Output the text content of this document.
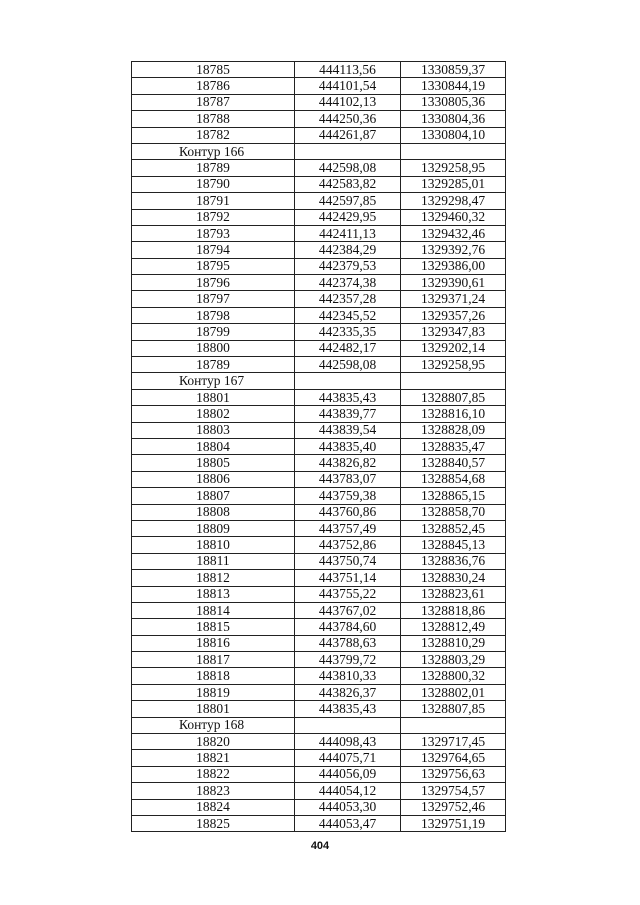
18785	444113,56	1330859,37
18786	444101,54	1330844,19
18787	444102,13	1330805,36
18788	444250,36	1330804,36
18782	444261,87	1330804,10
Контур 166		
18789	442598,08	1329258,95
18790	442583,82	1329285,01
18791	442597,85	1329298,47
18792	442429,95	1329460,32
18793	442411,13	1329432,46
18794	442384,29	1329392,76
18795	442379,53	1329386,00
18796	442374,38	1329390,61
18797	442357,28	1329371,24
18798	442345,52	1329357,26
18799	442335,35	1329347,83
18800	442482,17	1329202,14
18789	442598,08	1329258,95
Контур 167		
18801	443835,43	1328807,85
18802	443839,77	1328816,10
18803	443839,54	1328828,09
18804	443835,40	1328835,47
18805	443826,82	1328840,57
18806	443783,07	1328854,68
18807	443759,38	1328865,15
18808	443760,86	1328858,70
18809	443757,49	1328852,45
18810	443752,86	1328845,13
18811	443750,74	1328836,76
18812	443751,14	1328830,24
18813	443755,22	1328823,61
18814	443767,02	1328818,86
18815	443784,60	1328812,49
18816	443788,63	1328810,29
18817	443799,72	1328803,29
18818	443810,33	1328800,32
18819	443826,37	1328802,01
18801	443835,43	1328807,85
Контур 168		
18820	444098,43	1329717,45
18821	444075,71	1329764,65
18822	444056,09	1329756,63
18823	444054,12	1329754,57
18824	444053,30	1329752,46
18825	444053,47	1329751,19
404
